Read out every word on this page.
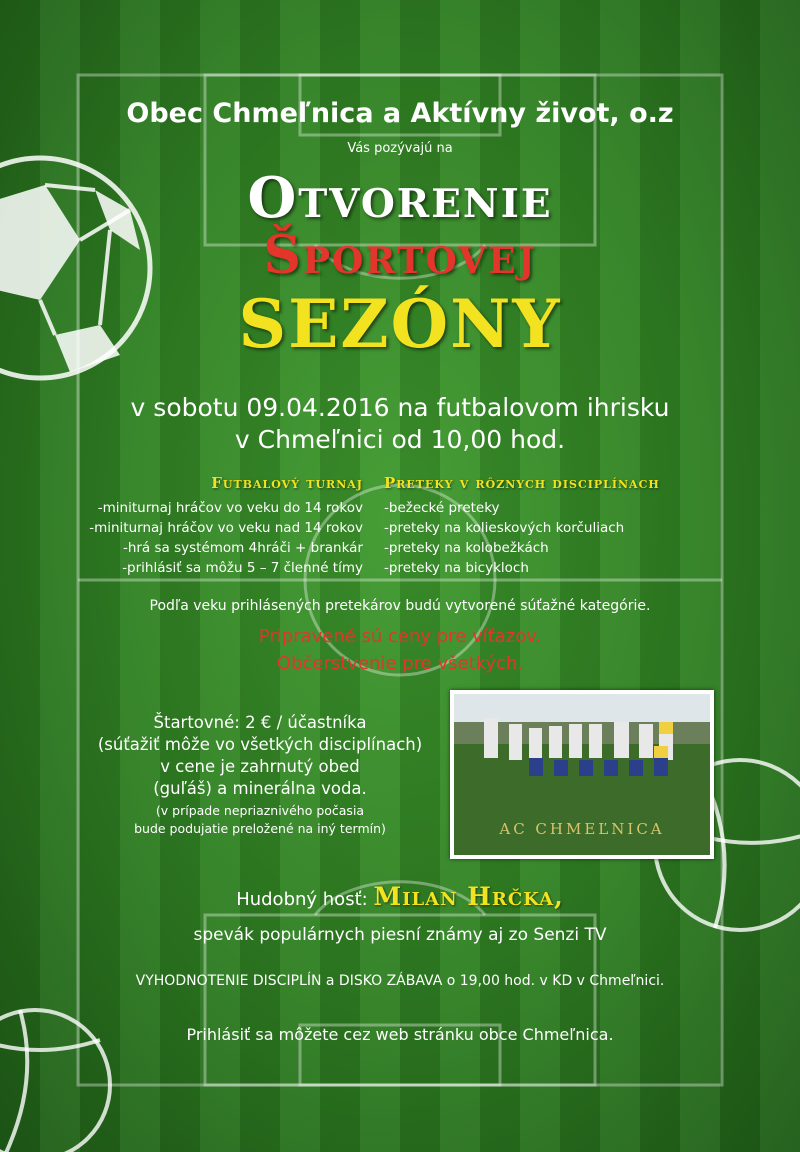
Obec Chmeľnica a Aktívny život, o.z

Vás pozývajú na

Otvorenie

Športovej

SEZÓNY

v sobotu 09.04.2016 na futbalovom ihrisku

v Chmeľnici od 10,00 hod.

Futbalový turnaj Preteky v rôznych disciplínach
-miniturnaj hráčov vo veku do 14 rokov
-miniturnaj hráčov vo veku nad 14 rokov
-hrá sa systémom 4hráči + brankár
-prihlásiť sa môžu 5 – 7 členné tímy
-bežecké preteky
-preteky na kolieskových korčuliach
-preteky na kolobežkách
-preteky na bicykloch

Podľa veku prihlásených pretekárov budú vytvorené súťažné kategórie.

Pripravené sú ceny pre víťazov.

Občerstvenie pre všetkých.

Štartovné: 2 € / účastníka

(súťažiť môže vo všetkých disciplínach)

v cene je zahrnutý obed

(guľáš) a minerálna voda.

(v prípade nepriaznivého počasia

bude podujatie preložené na iný termín)	AC CHMEĽNICA
Hudobný hosť: Milan Hrčka,

spevák populárnych piesní známy aj zo Senzi TV

VYHODNOTENIE DISCIPLÍN a DISKO ZÁBAVA o 19,00 hod. v KD v Chmeľnici.

Prihlásiť sa môžete cez web stránku obce Chmeľnica.
